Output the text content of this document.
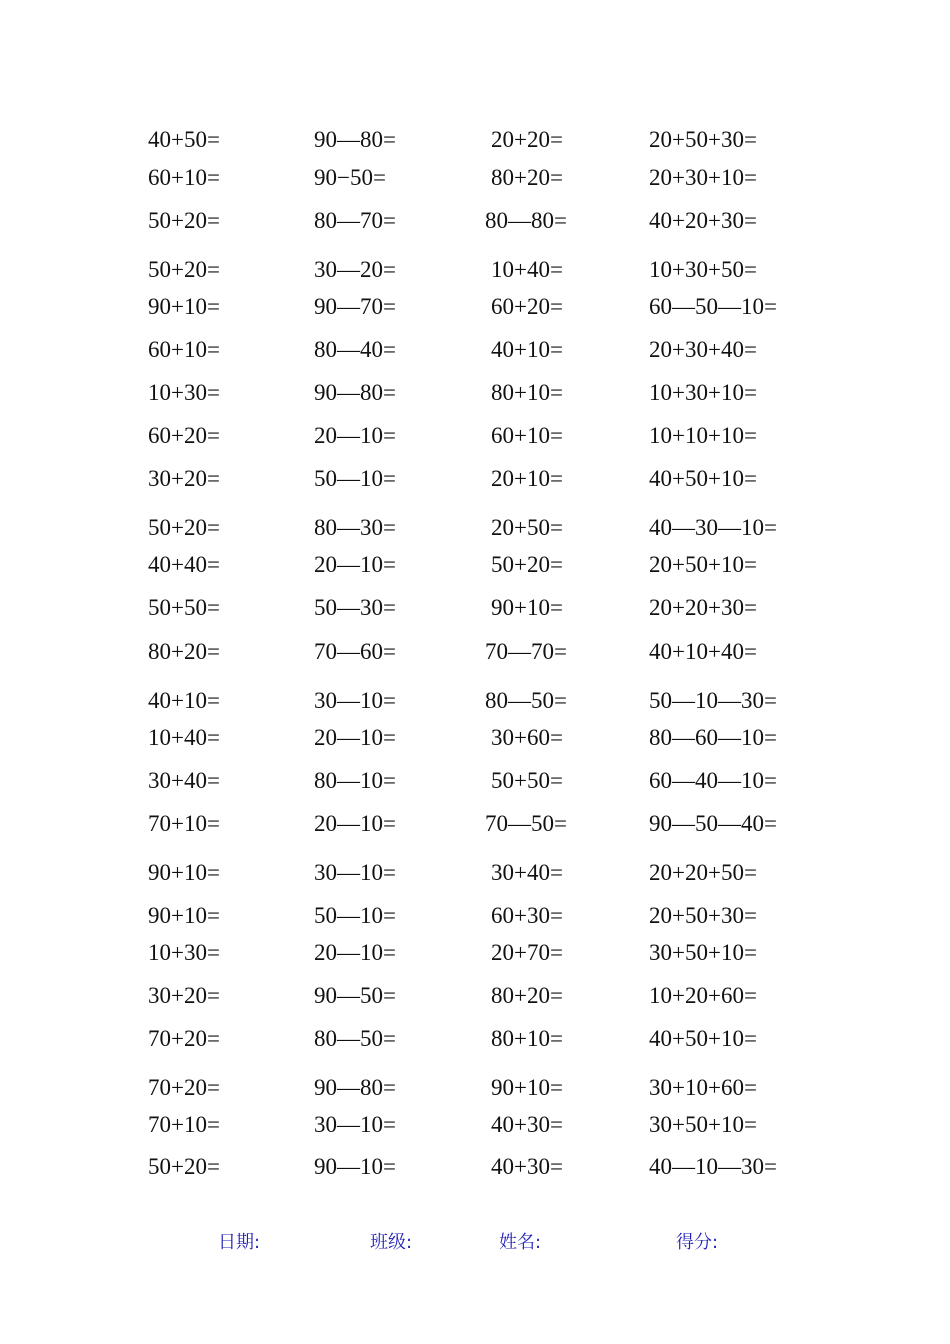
40+50=	90—80=	20+20=	20+50+30=
60+10=	90−50=	80+20=	20+30+10=
50+20=	80—70=	80—80=	40+20+30=
50+20=	30—20=	10+40=	10+30+50=
90+10=	90—70=	60+20=	60—50—10=
60+10=	80—40=	40+10=	20+30+40=
10+30=	90—80=	80+10=	10+30+10=
60+20=	20—10=	60+10=	10+10+10=
30+20=	50—10=	20+10=	40+50+10=
50+20=	80—30=	20+50=	40—30—10=
40+40=	20—10=	50+20=	20+50+10=
50+50=	50—30=	90+10=	20+20+30=
80+20=	70—60=	70—70=	40+10+40=
40+10=	30—10=	80—50=	50—10—30=
10+40=	20—10=	30+60=	80—60—10=
30+40=	80—10=	50+50=	60—40—10=
70+10=	20—10=	70—50=	90—50—40=
90+10=	30—10=	30+40=	20+20+50=
90+10=	50—10=	60+30=	20+50+30=
10+30=	20—10=	20+70=	30+50+10=
30+20=	90—50=	80+20=	10+20+60=
70+20=	80—50=	80+10=	40+50+10=
70+20=	90—80=	90+10=	30+10+60=
70+10=	30—10=	40+30=	30+50+10=
50+20=	90—10=	40+30=	40—10—30=
日期:	班级:	姓名:	得分:
